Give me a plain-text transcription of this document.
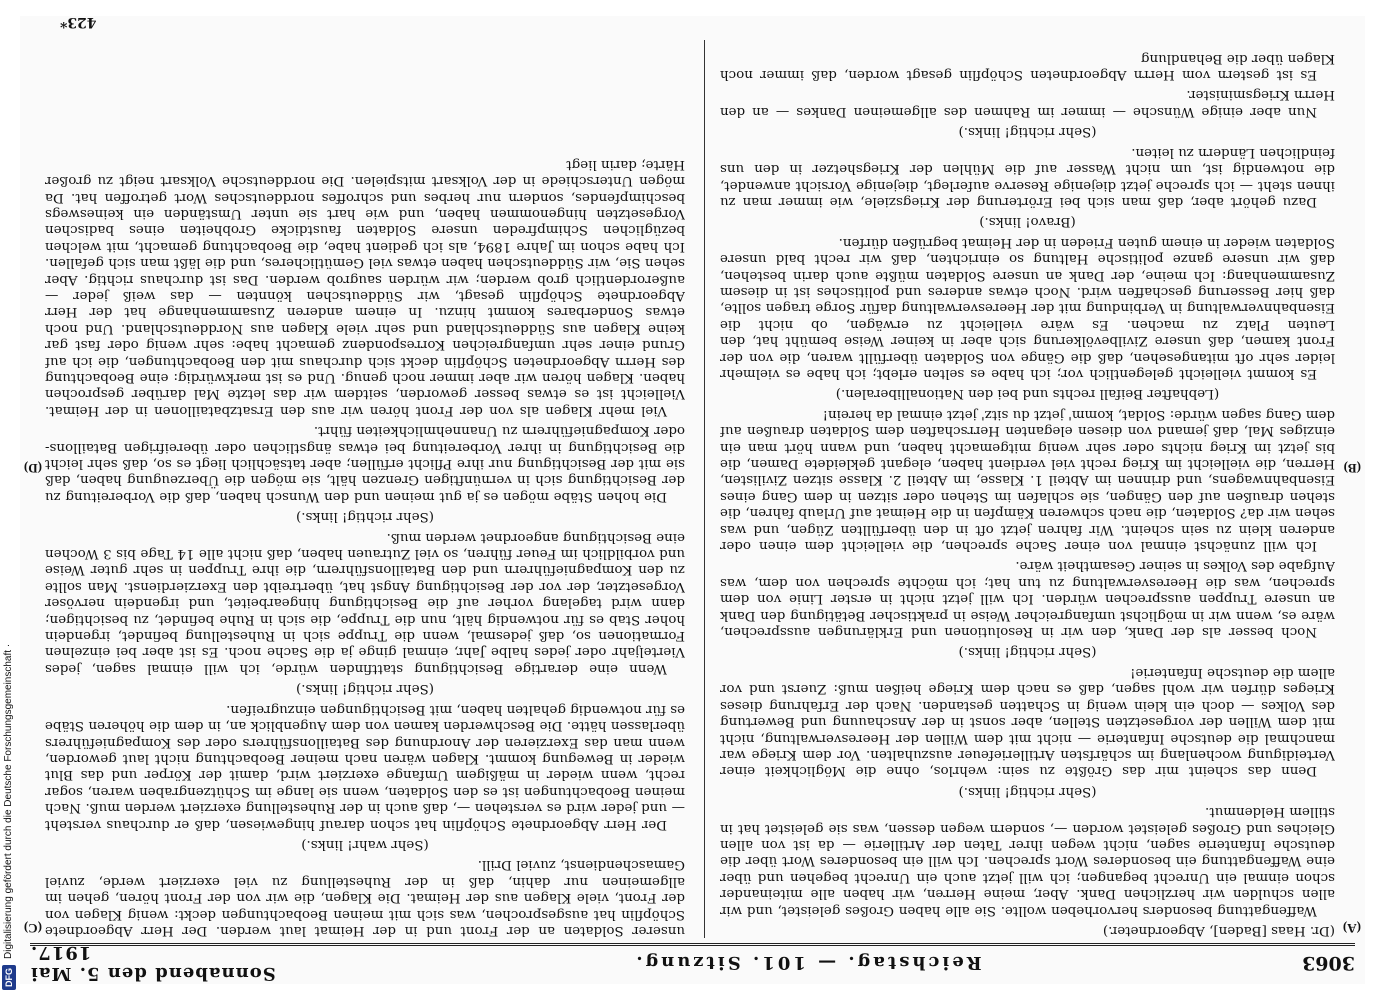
DFG
Digitalisierung gefördert durch die Deutsche Forschungsgemeinschaft ·
3063
Reichstag. — 101. Sitzung.
Sonnabend den 5. Mai 1917.
(A)
(B)
(C)
(D)

(Dr. Haas [Baden], Abgeordneter.)

Waffengattung besonders hervorheben wollte. Sie alle haben Großes geleistet, und wir allen schulden wir herzlichen Dank. Aber, meine Herren, wir haben alle miteinander schon einmal ein Unrecht begangen; ich will jetzt auch ein Unrecht begehen und über eine Waffengattung ein besonderes Wort sprechen. Ich will ein besonderes Wort über die deutsche Infanterie sagen, nicht wegen ihrer Taten der Artillerie — da ist von allen Gleiches und Großes geleistet worden —, sondern wegen dessen, was sie geleistet hat in stillem Heldenmut.

(Sehr richtig! links.)

Denn das scheint mir das Größte zu sein: wehrlos, ohne die Möglichkeit einer Verteidigung wochenlang im schärfsten Artilleriefeuer auszuhalten. Vor dem Kriege war manchmal die deutsche Infanterie — nicht mit dem Willen der Heeresverwaltung, nicht mit dem Willen der vorgesetzten Stellen, aber sonst in der Anschauung und Bewertung des Volkes — doch ein klein wenig in Schatten gestanden. Nach der Erfahrung dieses Krieges dürfen wir wohl sagen, daß es nach dem Kriege heißen muß: Zuerst und vor allem die deutsche Infanterie!

(Sehr richtig! links.)

Noch besser als der Dank, den wir in Resolutionen und Erklärungen aussprechen, wäre es, wenn wir in möglichst umfangreicher Weise in praktischer Betätigung den Dank an unsere Truppen aussprechen würden. Ich will jetzt nicht in erster Linie von dem sprechen, was die Heeresverwaltung zu tun hat; ich möchte sprechen von dem, was Aufgabe des Volkes in seiner Gesamtheit wäre.

Ich will zunächst einmal von einer Sache sprechen, die vielleicht dem einen oder anderen klein zu sein scheint. Wir fahren jetzt oft in den überfüllten Zügen, und was sehen wir da? Soldaten, die nach schweren Kämpfen in die Heimat auf Urlaub fahren, die stehen draußen auf den Gängen, sie schlafen im Stehen oder sitzen in dem Gang eines Eisenbahnwagens, und drinnen im Abteil 1. Klasse, im Abteil 2. Klasse sitzen Zivilisten, Herren, die vielleicht im Krieg recht viel verdient haben, elegant gekleidete Damen, die bis jetzt im Krieg nichts oder sehr wenig mitgemacht haben, und wann hört man ein einziges Mal, daß jemand von diesen eleganten Herrschaften dem Soldaten draußen auf dem Gang sagen würde: Soldat, komm' jetzt du sitz' jetzt einmal da herein!

(Lebhafter Beifall rechts und bei den Nationalliberalen.)

Es kommt vielleicht gelegentlich vor; ich habe es selten erlebt; ich habe es vielmehr leider sehr oft mitangesehen, daß die Gänge von Soldaten überfüllt waren, die von der Front kamen, daß unsere Zivilbevölkerung sich aber in keiner Weise bemüht hat, den Leuten Platz zu machen. Es wäre vielleicht zu erwägen, ob nicht die Eisenbahnverwaltung in Verbindung mit der Heeresverwaltung dafür Sorge tragen sollte, daß hier Besserung geschaffen wird. Noch etwas anderes und politisches ist in diesem Zusammenhang: Ich meine, der Dank an unsere Soldaten müßte auch darin bestehen, daß wir unsere ganze politische Haltung so einrichten, daß wir recht bald unsere Soldaten wieder in einem guten Frieden in der Heimat begrüßen dürfen.

(Bravo! links.)

Dazu gehört aber, daß man sich bei Erörterung der Kriegsziele, wie immer man zu ihnen steht — ich spreche jetzt diejenige Reserve auferlegt, diejenige Vorsicht anwendet, die notwendig ist, um nicht Wasser auf die Mühlen der Kriegshetzer in den uns feindlichen Ländern zu leiten.

(Sehr richtig! links.)

Nun aber einige Wünsche — immer im Rahmen des allgemeinen Dankes — an den Herrn Kriegsminister.

Es ist gestern vom Herrn Abgeordneten Schöpflin gesagt worden, daß immer noch Klagen über die Behandlung

unserer Soldaten an der Front und in der Heimat laut werden. Der Herr Abgeordnete Schöpflin hat ausgesprochen, was sich mit meinen Beobachtungen deckt: wenig Klagen von der Front, viele Klagen aus der Heimat. Die Klagen, die wir von der Front hören, gehen im allgemeinen nur dahin, daß in der Ruhestellung zu viel exerziert werde, zuviel Gamaschendienst, zuviel Drill.

(Sehr wahr! links.)

Der Herr Abgeordnete Schöpflin hat schon darauf hingewiesen, daß er durchaus versteht — und jeder wird es verstehen —, daß auch in der Ruhestellung exerziert werden muß. Nach meinen Beobachtungen ist es den Soldaten, wenn sie lange im Schützengraben waren, sogar recht, wenn wieder in mäßigem Umfange exerziert wird, damit der Körper und das Blut wieder in Bewegung kommt. Klagen wären nach meiner Beobachtung nicht laut geworden, wenn man das Exerzieren der Anordnung des Bataillonsführers oder des Kompagnieführers überlassen hätte. Die Beschwerden kamen von dem Augenblick an, in dem die höheren Stäbe es für notwendig gehalten haben, mit Besichtigungen einzugreifen.

(Sehr richtig! links.)

Wenn eine derartige Besichtigung stattfinden würde, ich will einmal sagen, jedes Vierteljahr oder jedes halbe Jahr, einmal ginge ja die Sache noch. Es ist aber bei einzelnen Formationen so, daß jedesmal, wenn die Truppe sich in Ruhestellung befindet, irgendein hoher Stab es für notwendig hält, nun die Truppe, die sich in Ruhe befindet, zu besichtigen; dann wird tagelang vorher auf die Besichtigung hingearbeitet, und irgendein nervöser Vorgesetzter, der vor der Besichtigung Angst hat, übertreibt den Exerzierdienst. Man sollte zu den Kompagnieführern und den Bataillonsführern, die ihre Truppen in sehr guter Weise und vorbildlich im Feuer führen, so viel Zutrauen haben, daß nicht alle 14 Tage bis 3 Wochen eine Besichtigung angeordnet werden muß.

(Sehr richtig! links.)

Die hohen Stäbe mögen es ja gut meinen und den Wunsch haben, daß die Vorbereitung zu der Besichtigung sich in vernünftigen Grenzen hält, sie mögen die Überzeugung haben, daß sie mit der Besichtigung nur ihre Pflicht erfüllen; aber tatsächlich liegt es so, daß sehr leicht die Besichtigung in ihrer Vorbereitung bei etwas ängstlichen oder übereifrigen Bataillons- oder Kompagnieführern zu Unannehmlichkeiten führt.

Viel mehr Klagen als von der Front hören wir aus den Ersatzbataillonen in der Heimat. Vielleicht ist es etwas besser geworden, seitdem wir das letzte Mal darüber gesprochen haben. Klagen hören wir aber immer noch genug. Und es ist merkwürdig: eine Beobachtung des Herrn Abgeordneten Schöpflin deckt sich durchaus mit den Beobachtungen, die ich auf Grund einer sehr umfangreichen Korrespondenz gemacht habe: sehr wenig oder fast gar keine Klagen aus Süddeutschland und sehr viele Klagen aus Norddeutschland. Und noch etwas Sonderbares kommt hinzu. In einem anderen Zusammenhange hat der Herr Abgeordnete Schöpflin gesagt, wir Süddeutschen könnten — das weiß jeder — außerordentlich grob werden; wir würden saugrob werden. Das ist durchaus richtig. Aber sehen Sie, wir Süddeutschen haben etwas viel Gemütlicheres, und die läßt man sich gefallen. Ich habe schon im Jahre 1894, als ich gedient habe, die Beobachtung gemacht, mit welchen bezüglichen Schimpfreden unsere Soldaten faustdicke Grobheiten eines badischen Vorgesetzten hingenommen haben, und wie hart sie unter Umständen ein keineswegs beschimpfendes, sondern nur herbes und schroffes norddeutsches Wort getroffen hat. Da mögen Unterschiede in der Volksart mitspielen. Die norddeutsche Volksart neigt zu großer Härte; darin liegt

423*
